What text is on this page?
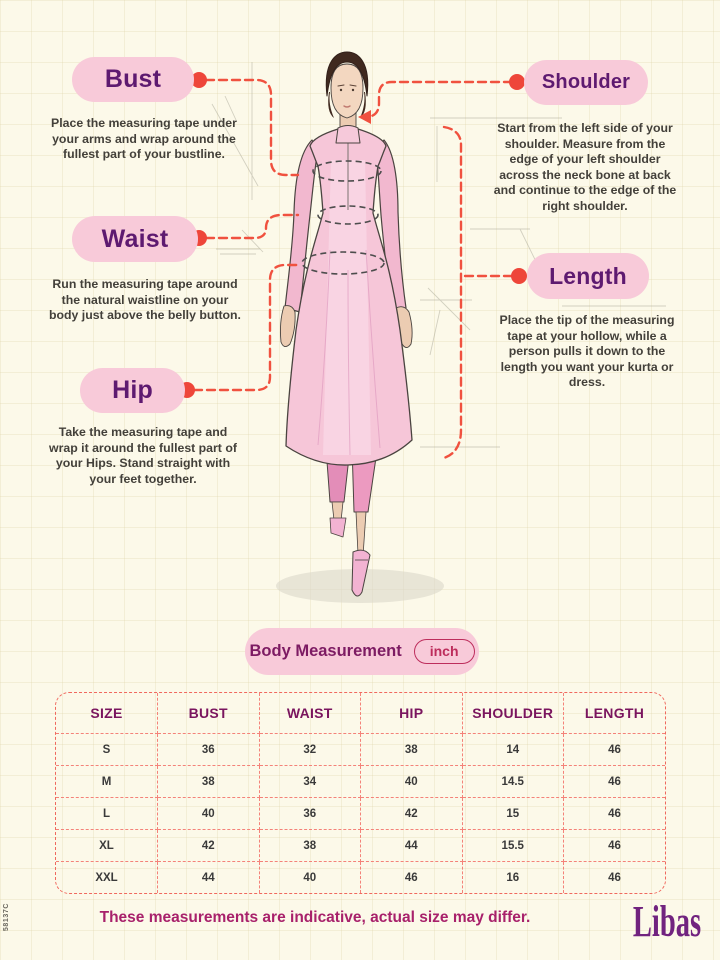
Bust
Place the measuring tape under your arms and wrap around the fullest part of your bustline.
Shoulder
Start from the left side of your shoulder. Measure from the edge of your left shoulder across the neck bone at back and continue to the edge of the right shoulder.
Waist
Run the measuring tape around the natural waistline on your body just above the belly button.
Length
Place the tip of the measuring tape at your hollow, while a person pulls it down to the length you want your kurta or dress.
Hip
Take the measuring tape and wrap it around the fullest part of your Hips. Stand straight with your feet together.
Body Measurement	inch
SIZE	BUST	WAIST	HIP	SHOULDER	LENGTH
S	36	32	38	14	46
M	38	34	40	14.5	46
L	40	36	42	15	46
XL	42	38	44	15.5	46
XXL	44	40	46	16	46
These measurements are indicative, actual size may differ.	Libas
58137C
